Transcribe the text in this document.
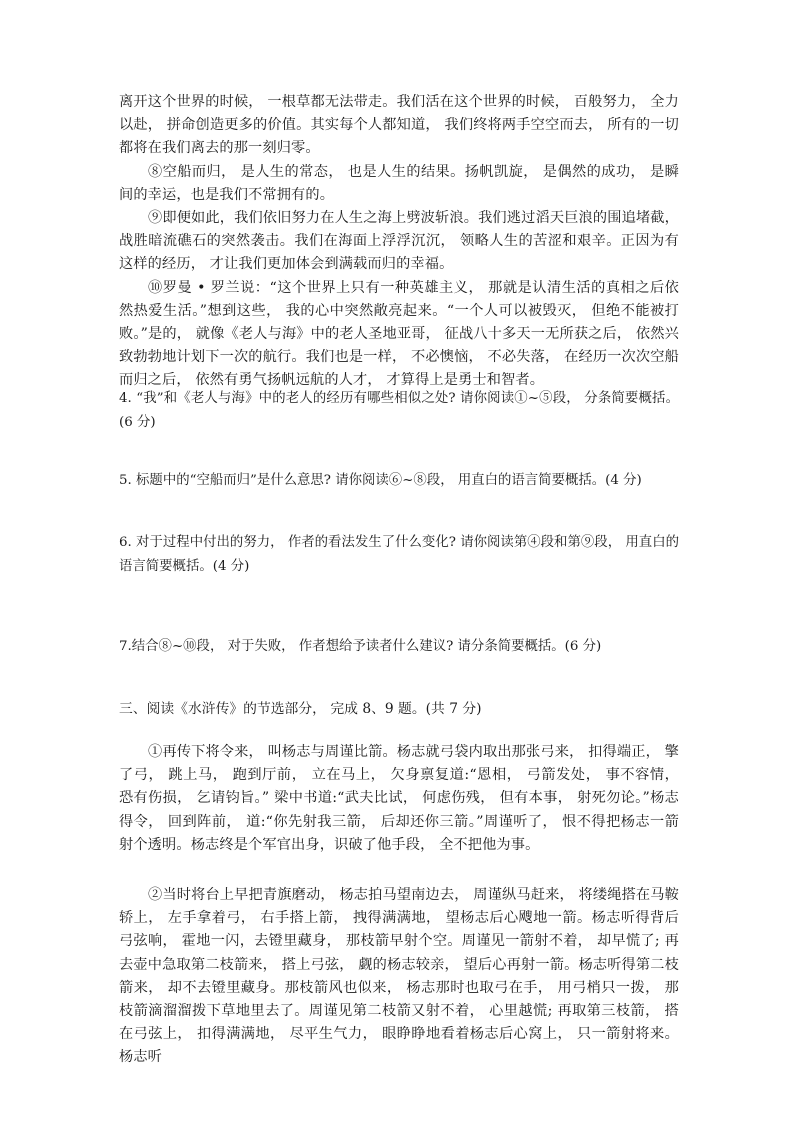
离开这个世界的时候， 一根草都无法带走。我们活在这个世界的时候， 百般努力， 全力以赴， 拼命创造更多的价值。其实每个人都知道， 我们终将两手空空而去， 所有的一切都将在我们离去的那一刻归零。

⑧空船而归， 是人生的常态， 也是人生的结果。扬帆凯旋， 是偶然的成功， 是瞬间的幸运，也是我们不常拥有的。

⑨即便如此，我们依旧努力在人生之海上劈波斩浪。我们逃过滔天巨浪的围追堵截，战胜暗流礁石的突然袭击。我们在海面上浮浮沉沉， 领略人生的苦涩和艰辛。正因为有这样的经历， 才让我们更加体会到满载而归的幸福。

⑩罗曼 • 罗兰说：“这个世界上只有一种英雄主义， 那就是认清生活的真相之后依然热爱生活。”想到这些， 我的心中突然敞亮起来。“一个人可以被毁灭， 但绝不能被打败。”是的， 就像《老人与海》中的老人圣地亚哥， 征战八十多天一无所获之后， 依然兴致勃勃地计划下一次的航行。我们也是一样， 不必懊恼， 不必失落， 在经历一次次空船而归之后， 依然有勇气扬帆远航的人才， 才算得上是勇士和智者。

4. “我”和《老人与海》中的老人的经历有哪些相似之处? 请你阅读①~⑤段， 分条简要概括。(6 分)

5. 标题中的“空船而归”是什么意思? 请你阅读⑥~⑧段， 用直白的语言简要概括。(4 分)

6. 对于过程中付出的努力， 作者的看法发生了什么变化? 请你阅读第④段和第⑨段， 用直白的语言简要概括。(4 分)

7.结合⑧~⑩段， 对于失败， 作者想给予读者什么建议? 请分条简要概括。(6 分)

三、阅读《水浒传》的节选部分， 完成 8、9 题。(共 7 分)

①再传下将令来， 叫杨志与周谨比箭。杨志就弓袋内取出那张弓来， 扣得端正， 擎了弓， 跳上马， 跑到厅前， 立在马上， 欠身禀复道:“恩相， 弓箭发处， 事不容情， 恐有伤损， 乞请钧旨。” 梁中书道:“武夫比试， 何虑伤残， 但有本事， 射死勿论。”杨志得令， 回到阵前， 道:“你先射我三箭， 后却还你三箭。”周谨听了， 恨不得把杨志一箭射个透明。杨志终是个军官出身，识破了他手段， 全不把他为事。

②当时将台上早把青旗磨动， 杨志拍马望南边去， 周谨纵马赶来， 将缕绳搭在马鞍轿上， 左手拿着弓， 右手搭上箭， 拽得满满地， 望杨志后心飕地一箭。杨志听得背后弓弦响， 霍地一闪，去镫里藏身， 那枝箭早射个空。周谨见一箭射不着， 却早慌了; 再去壶中急取第二枝箭来， 搭上弓弦， 觑的杨志较亲， 望后心再射一箭。杨志听得第二枝箭来， 却不去镫里藏身。那枝箭风也似来， 杨志那时也取弓在手， 用弓梢只一拨， 那枝箭滴溜溜拨下草地里去了。周谨见第二枝箭又射不着， 心里越慌; 再取第三枝箭， 搭在弓弦上， 扣得满满地， 尽平生气力， 眼睁睁地看着杨志后心窝上， 只一箭射将来。杨志听
